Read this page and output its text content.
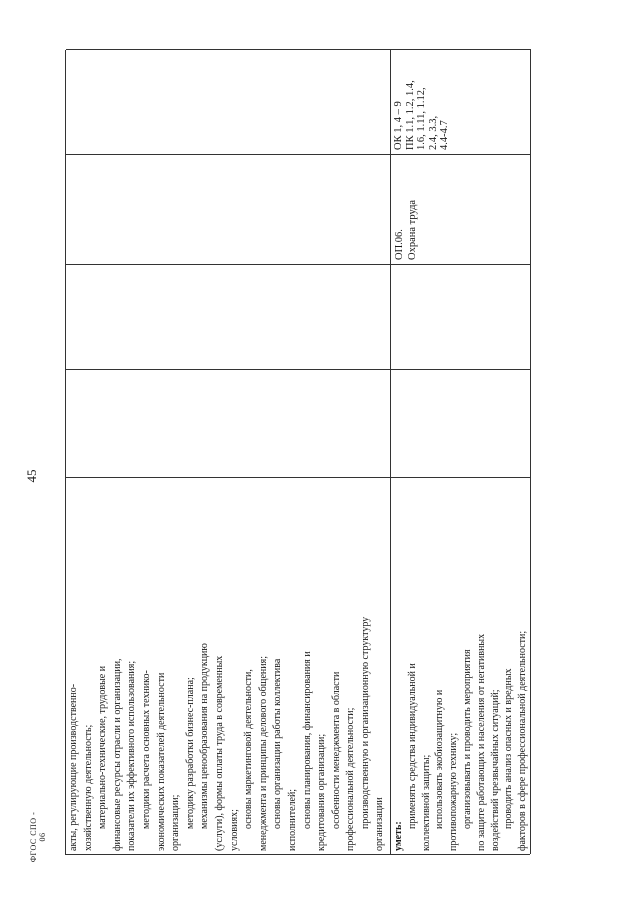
45
акты, регулирующие производственно- хозяйственную деятельность; материально-технические, трудовые и финансовые ресурсы отрасли и организации, показатели их эффективного использования; методики расчета основных технико- экономических показателей деятельности организации; методику разработки бизнес-плана; механизмы ценообразования на продукцию (услуги), формы оплаты труда в современных условиях;
основы маркетинговой деятельности, менеджмента и принципы делового общения; основы организации работы коллектива исполнителей; основы планирования, финансирования и кредитования организации; особенности менеджмента в области профессиональной деятельности; производственную и организационную структуру организации уметь:
применять средства индивидуальной и коллективной защиты; использовать экобиозащитную и противопожарную технику; организовывать и проводить мероприятия по защите работающих и населения от негативных воздействий чрезвычайных ситуаций; проводить анализ опасных и вредных факторов в сфере профессиональной деятельности;
ОП.06. Охрана труда
ОК 1, 4 – 9 ПК 1.1, 1.2, 1.4, 1.6, 1.11, 1.12, 2.4, 3.3, 4.4-4.7
ФГОС СПО - 06
